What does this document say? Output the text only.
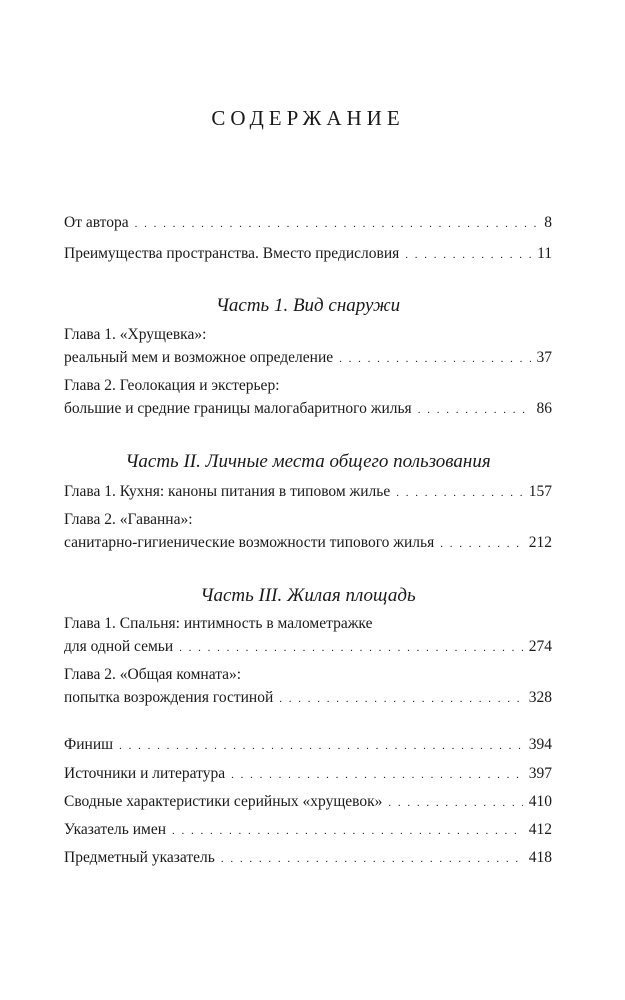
СОДЕРЖАНИЕ
От автора . . .	8
Преимущества пространства. Вместо предисловия . . .	11
Часть 1. Вид снаружи
Глава 1. «Хрущевка»:
реальный мем и возможное определение . . .	37
Глава 2. Геолокация и экстерьер:
большие и средние границы малогабаритного жилья . . .	86
Часть II. Личные места общего пользования
Глава 1. Кухня: каноны питания в типовом жилье . . .	157
Глава 2. «Гаванна»:
санитарно-гигиенические возможности типового жилья . . .	212
Часть III. Жилая площадь
Глава 1. Спальня: интимность в малометражке
для одной семьи . . .	274
Глава 2. «Общая комната»:
попытка возрождения гостиной . . .	328
Финиш . . .	394
Источники и литература . . .	397
Сводные характеристики серийных «хрущевок» . . .	410
Указатель имен . . .	412
Предметный указатель . . .	418
